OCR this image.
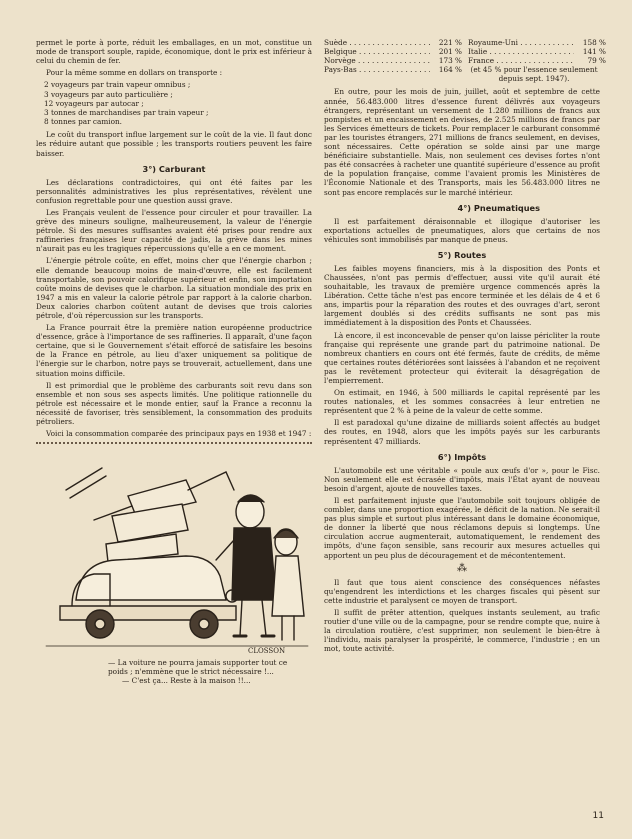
permet le porte à porte, réduit les emballages, en un mot, constitue un mode de transport souple, rapide, économique, dont le prix est inférieur à celui du chemin de fer.

Pour la même somme en dollars on transporte :

2 voyageurs par train vapeur omnibus ;
3 voyageurs par auto particulière ;
12 voyageurs par autocar ;
3 tonnes de marchandises par train vapeur ;
8 tonnes par camion.

Le coût du transport influe largement sur le coût de la vie. Il faut donc les réduire autant que possible ; les transports routiers peuvent les faire baisser.

3°) Carburant

Les déclarations contradictoires, qui ont été faites par les personnalités administratives les plus représentatives, révèlent une confusion regrettable pour une question aussi grave.

Les Français veulent de l'essence pour circuler et pour travailler. La grève des mineurs souligne, malheureusement, la valeur de l'énergie pétrole. Si des mesures suffisantes avaient été prises pour rendre aux raffineries françaises leur capacité de jadis, la grève dans les mines n'aurait pas eu les tragiques répercussions qu'elle a en ce moment.

L'énergie pétrole coûte, en effet, moins cher que l'énergie charbon ; elle demande beaucoup moins de main-d'œuvre, elle est facilement transportable, son pouvoir calorifique supérieur et enfin, son importation coûte moins de devises que le charbon. La situation mondiale des prix en 1947 a mis en valeur la calorie pétrole par rapport à la calorie charbon. Deux calories charbon coûtent autant de devises que trois calories pétrole, d'où répercussion sur les transports.

La France pourrait être la première nation européenne productrice d'essence, grâce à l'importance de ses raffineries. Il apparaît, d'une façon certaine, que si le Gouvernement s'était efforcé de satisfaire les besoins de la France en pétrole, au lieu d'axer uniquement sa politique de l'énergie sur le charbon, notre pays se trouverait, actuellement, dans une situation moins difficile.

Il est primordial que le problème des carburants soit revu dans son ensemble et non sous ses aspects limités. Une politique rationnelle du pétrole est nécessaire et le monde entier, sauf la France a reconnu la nécessité de favoriser, très sensiblement, la consommation des produits pétroliers.

Voici la consommation comparée des principaux pays en 1938 et 1947 :

CLOSSON
— La voiture ne pourra jamais supporter tout ce poids ; n'emmène que le strict nécessaire !...
— C'est ça... Reste à la maison !!...
Suède . . .	221 % Royaume-Uni . . .	158 %
Belgique . . .	201 % Italie . . .	141 %
Norvège . . .	173 % France . . .	79 %
Pays-Bas . . .	164 %	(et 45 % pour l'essence seulement depuis sept. 1947).

En outre, pour les mois de juin, juillet, août et septembre de cette année, 56.483.000 litres d'essence furent délivrés aux voyageurs étrangers, représentant un versement de 1.280 millions de francs aux pompistes et un encaissement en devises, de 2.525 millions de francs par les Services émetteurs de tickets. Pour remplacer le carburant consommé par les touristes étrangers, 271 millions de francs seulement, en devises, sont nécessaires. Cette opération se solde ainsi par une marge bénéficiaire substantielle. Mais, non seulement ces devises fortes n'ont pas été consacrées à racheter une quantité supérieure d'essence au profit de la population française, comme l'avaient promis les Ministères de l'Économie Nationale et des Transports, mais les 56.483.000 litres ne sont pas encore remplacés sur le marché intérieur.

4°) Pneumatiques

Il est parfaitement déraisonnable et illogique d'autoriser les exportations actuelles de pneumatiques, alors que certains de nos véhicules sont immobilisés par manque de pneus.

5°) Routes

Les faibles moyens financiers, mis à la disposition des Ponts et Chaussées, n'ont pas permis d'effectuer, aussi vite qu'il aurait été souhaitable, les travaux de première urgence commencés après la Libération. Cette tâche n'est pas encore terminée et les délais de 4 et 6 ans, impartis pour la réparation des routes et des ouvrages d'art, seront largement doublés si des crédits suffisants ne sont pas mis immédiatement à la disposition des Ponts et Chaussées.

Là encore, il est inconcevable de penser qu'on laisse péricliter la route française qui représente une grande part du patrimoine national. De nombreux chantiers en cours ont été fermés, faute de crédits, de même que certaines routes détériorées sont laissées à l'abandon et ne reçoivent pas le revêtement protecteur qui éviterait la désagrégation de l'empierrement.

On estimait, en 1946, à 500 milliards le capital représenté par les routes nationales, et les sommes consacrées à leur entretien ne représentent que 2 % à peine de la valeur de cette somme.

Il est paradoxal qu'une dizaine de milliards soient affectés au budget des routes, en 1948, alors que les impôts payés sur les carburants représentent 47 milliards.

6°) Impôts

L'automobile est une véritable « poule aux œufs d'or », pour le Fisc. Non seulement elle est écrasée d'impôts, mais l'État ayant de nouveau besoin d'argent, ajoute de nouvelles taxes.

Il est parfaitement injuste que l'automobile soit toujours obligée de combler, dans une proportion exagérée, le déficit de la nation. Ne serait-il pas plus simple et surtout plus intéressant dans le domaine économique, de donner la liberté que nous réclamons depuis si longtemps. Une circulation accrue augmenterait, automatiquement, le rendement des impôts, d'une façon sensible, sans recourir aux mesures actuelles qui apportent un peu plus de découragement et de mécontentement.

⁂

Il faut que tous aient conscience des conséquences néfastes qu'engendrent les interdictions et les charges fiscales qui pèsent sur cette industrie et paralysent ce moyen de transport.

Il suffit de prêter attention, quelques instants seulement, au trafic routier d'une ville ou de la campagne, pour se rendre compte que, nuire à la circulation routière, c'est supprimer, non seulement le bien-être à l'individu, mais paralyser la prospérité, le commerce, l'industrie ; en un mot, toute activité.

11
